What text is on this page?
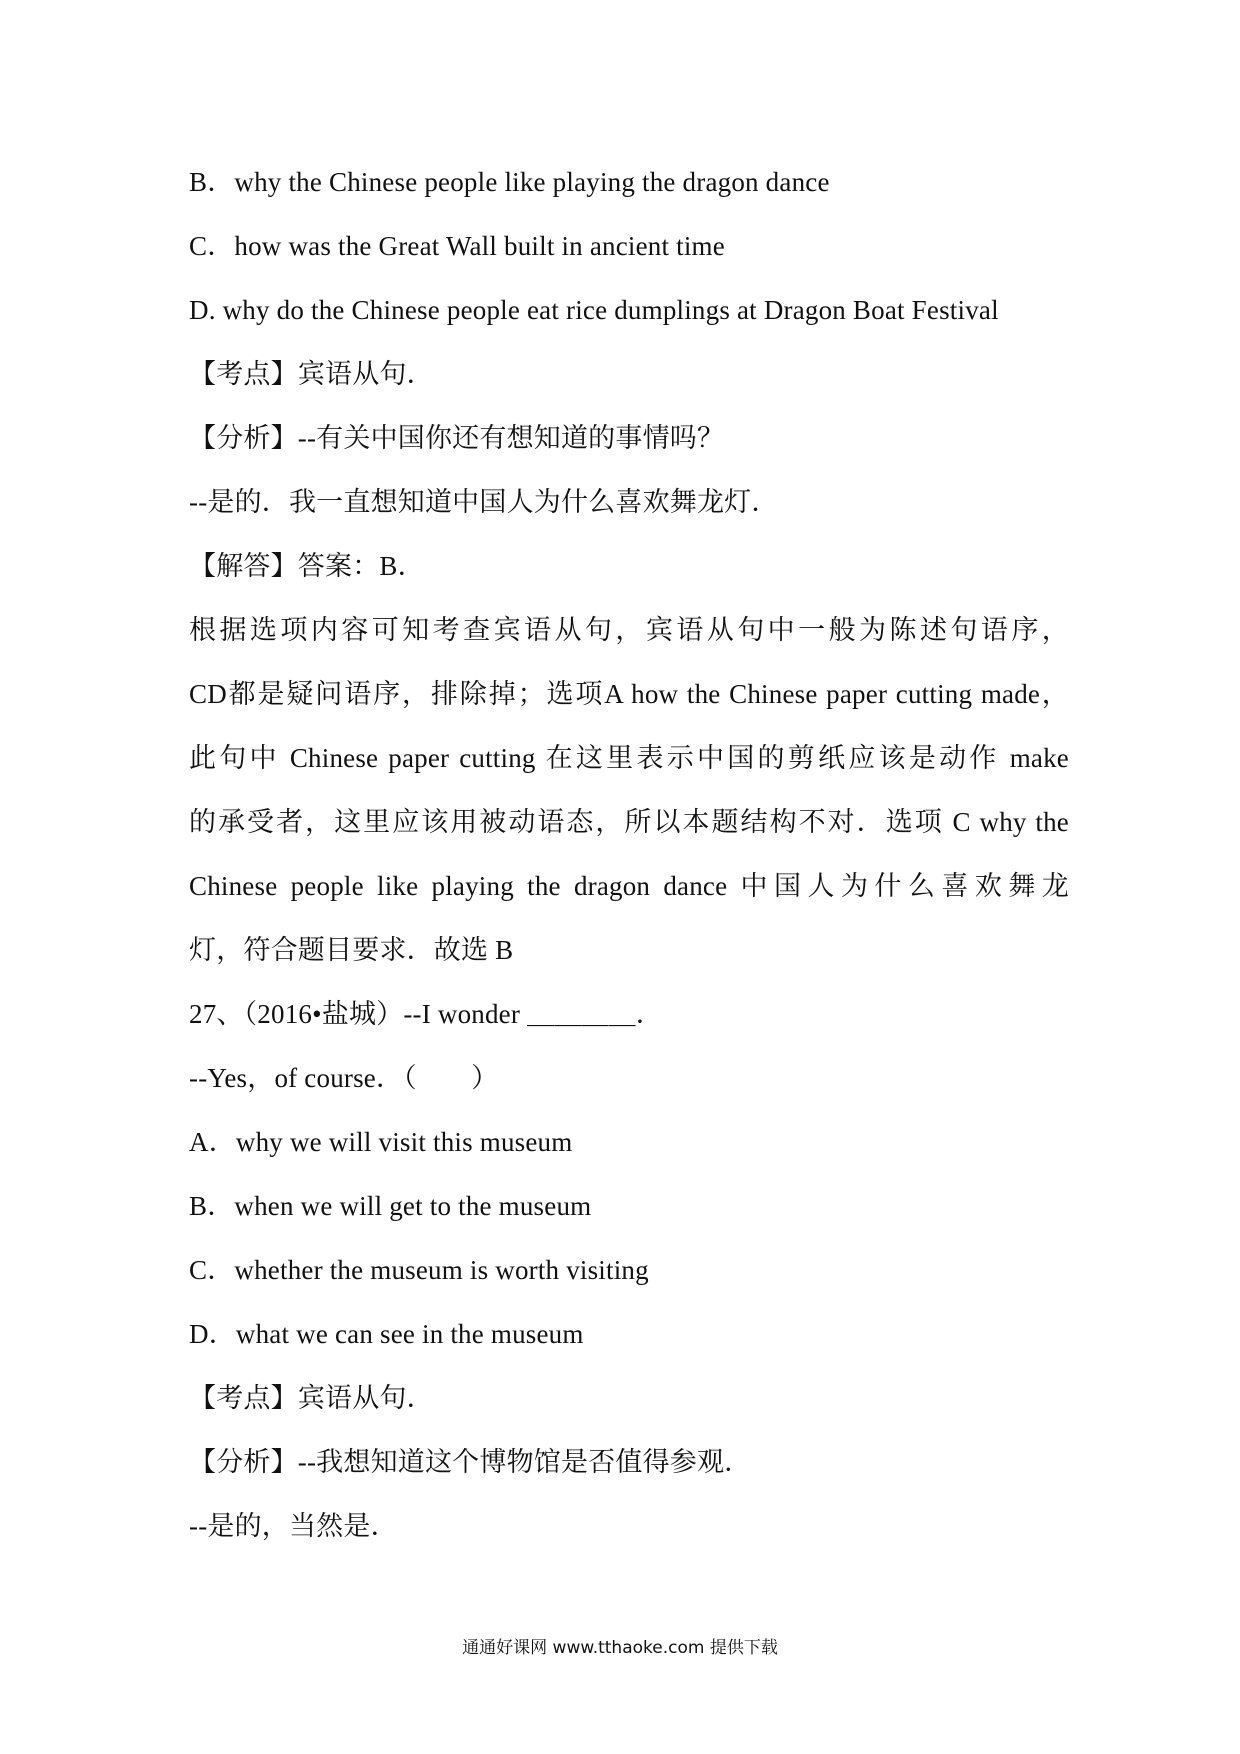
B．why the Chinese people like playing the dragon dance
C．how was the Great Wall built in ancient time
D. why do the Chinese people eat rice dumplings at Dragon Boat Festival
【考点】宾语从句．
【分析】--有关中国你还有想知道的事情吗？
--是的．我一直想知道中国人为什么喜欢舞龙灯．
【解答】答案：B．
根据选项内容可知考查宾语从句，宾语从句中一般为陈述句语序，
CD都是疑问语序，排除掉；选项A how the Chinese paper cutting made，
此句中 Chinese paper cutting 在这里表示中国的剪纸应该是动作 make
的承受者，这里应该用被动语态，所以本题结构不对．选项 C why the
Chinese people like playing the dragon dance 中国人为什么喜欢舞龙
灯，符合题目要求．故选 B
27、（2016•盐城）--I wonder ＿＿＿＿．
--Yes，of course．（　　）
A．why we will visit this museum
B．when we will get to the museum
C．whether the museum is worth visiting
D．what we can see in the museum
【考点】宾语从句．
【分析】--我想知道这个博物馆是否值得参观．
--是的，当然是．
通通好课网 www.tthaoke.com 提供下载
